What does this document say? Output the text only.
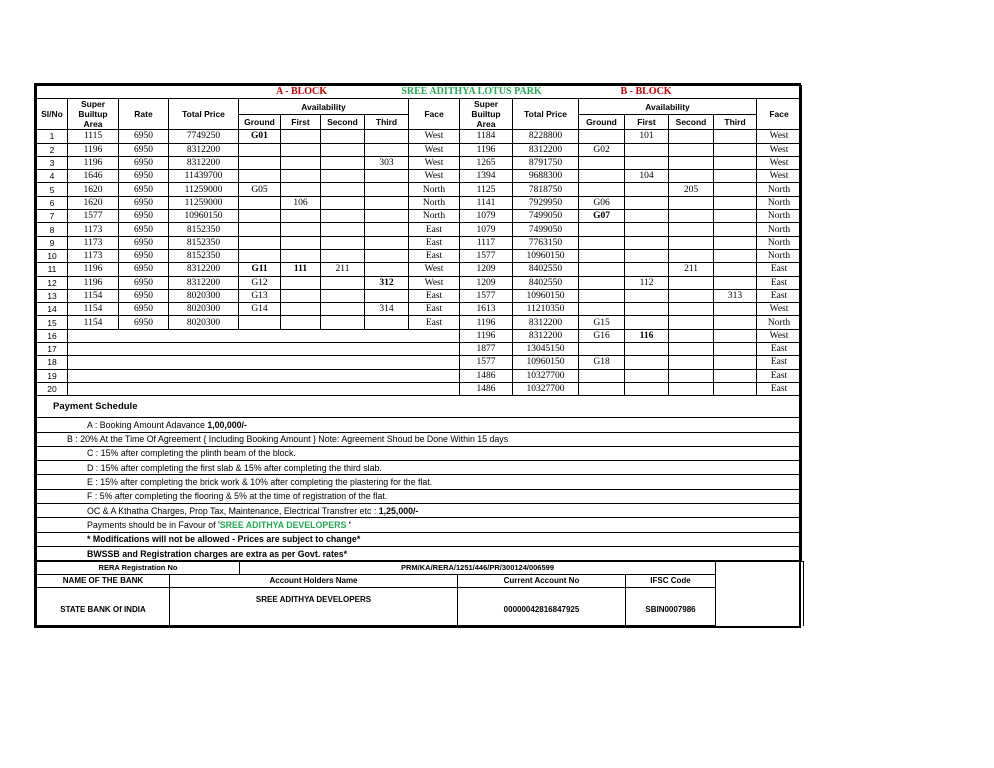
				A - BLOCK			SREE ADITHYA LOTUS PARK				B - BLOCK				
Sl/No	Super Builtup Area	Rate	Total Price	Availability				Face	Super Builtup Area	Total Price	Availability				Face
				Ground	First	Second	Third				Ground	First	Second	Third	
1	1115	6950	7749250	G01				West	1184	8228800		101			West
2	1196	6950	8312200					West	1196	8312200	G02				West
3	1196	6950	8312200				303	West	1265	8791750					West
4	1646	6950	11439700					West	1394	9688300		104			West
5	1620	6950	11259000	G05				North	1125	7818750			205		North
6	1620	6950	11259000		106			North	1141	7929950	G06				North
7	1577	6950	10960150					North	1079	7499050	G07				North
8	1173	6950	8152350					East	1079	7499050					North
9	1173	6950	8152350					East	1117	7763150					North
10	1173	6950	8152350					East	1577	10960150					North
11	1196	6950	8312200	G11	111	211		West	1209	8402550			211		East
12	1196	6950	8312200	G12			312	West	1209	8402550		112			East
13	1154	6950	8020300	G13				East	1577	10960150				313	East
14	1154	6950	8020300	G14			314	East	1613	11210350					West
15	1154	6950	8020300					East	1196	8312200	G15				North
16									1196	8312200	G16	116			West
17									1877	13045150					East
18									1577	10960150	G18				East
19									1486	10327700					East
20									1486	10327700					East
Payment Schedule															
A : Booking Amount Adavance 1,00,000/-															
B : 20% At the Time Of Agreement { Including Booking Amount } Note: Agreement Shoud be Done Within 15 days															
C : 15% after completing the plinth beam of the block.															
D : 15% after completing the first slab & 15% after completing the third slab.															
E : 15% after completing the brick work & 10% after completing the plastering for the flat.															
F : 5% after completing the flooring & 5% at the time of registration of the flat.															
OC & A Kthatha Charges, Prop Tax, Maintenance, Electrical Transfrer etc : 1,25,000/-															
Payments should be in Favour of 'SREE ADITHYA DEVELOPERS '															
* Modifications will not be allowed - Prices are subject to change*															
BWSSB and Registration charges are extra as per Govt. rates*															
RERA Registration No		PRM/KA/RERA/1251/446/PR/300124/006599			
NAME OF THE BANK	Account Holders Name		Current Account No	IFSC Code	
STATE BANK Of INDIA	SREE ADITHYA DEVELOPERS		00000042816847925	SBIN0007986	
